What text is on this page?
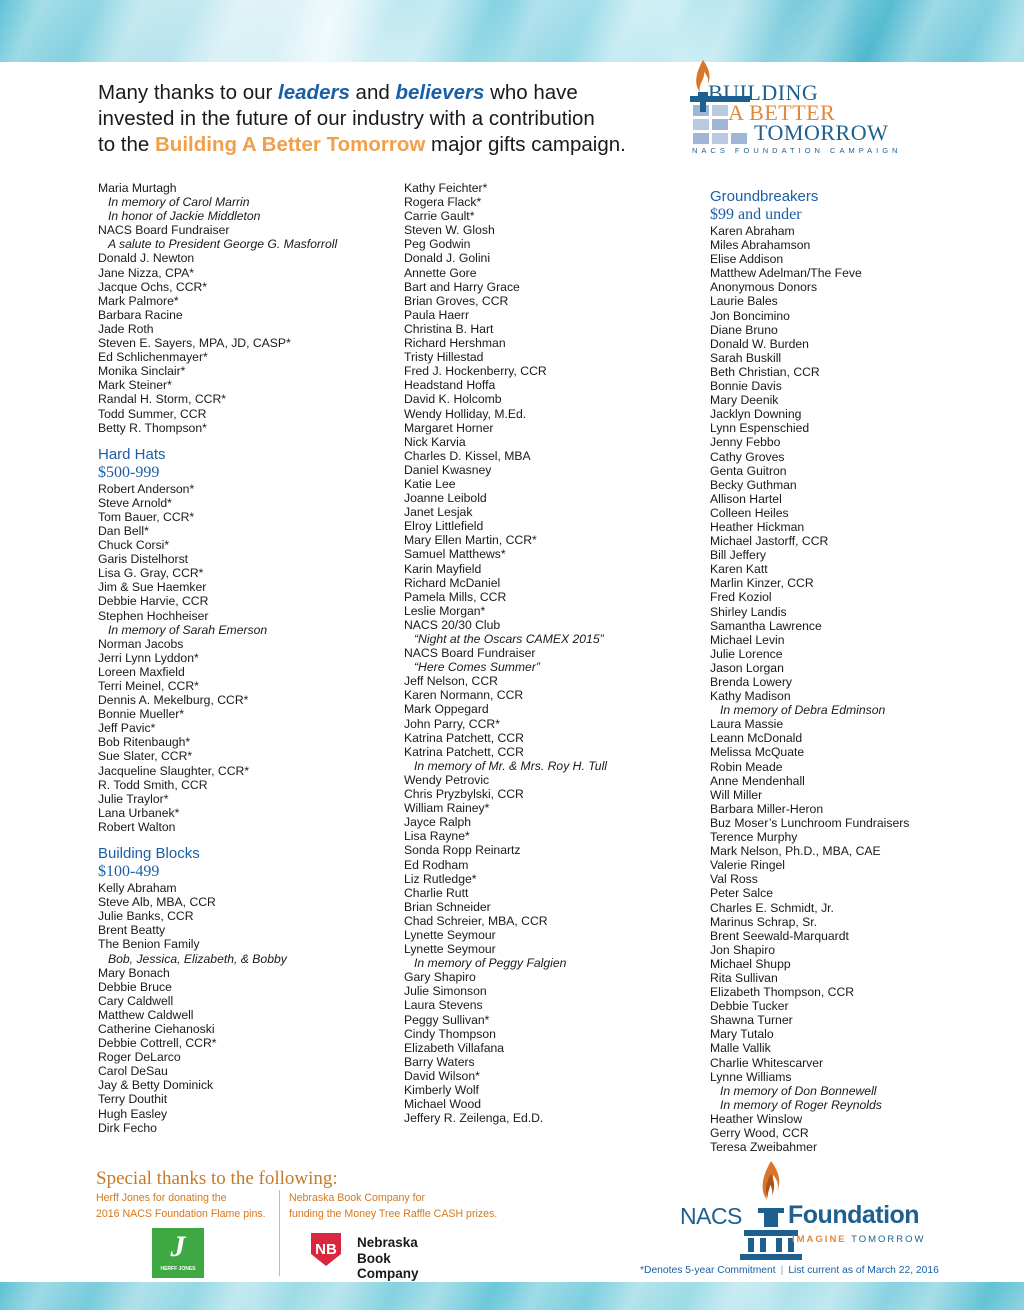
Many thanks to our leaders and believers who have
invested in the future of our industry with a contribution
to the Building A Better Tomorrow major gifts campaign.
BUILDING
A BETTER
TOMORROW
NACS FOUNDATION CAMPAIGN
Maria Murtagh
In memory of Carol Marrin
In honor of Jackie Middleton
NACS Board Fundraiser
A salute to President George G. Masforroll
Donald J. Newton
Jane Nizza, CPA*
Jacque Ochs, CCR*
Mark Palmore*
Barbara Racine
Jade Roth
Steven E. Sayers, MPA, JD, CASP*
Ed Schlichenmayer*
Monika Sinclair*
Mark Steiner*
Randal H. Storm, CCR*
Todd Summer, CCR
Betty R. Thompson*
Hard Hats
$500-999
Robert Anderson*
Steve Arnold*
Tom Bauer, CCR*
Dan Bell*
Chuck Corsi*
Garis Distelhorst
Lisa G. Gray, CCR*
Jim & Sue Haemker
Debbie Harvie, CCR
Stephen Hochheiser
In memory of Sarah Emerson
Norman Jacobs
Jerri Lynn Lyddon*
Loreen Maxfield
Terri Meinel, CCR*
Dennis A. Mekelburg, CCR*
Bonnie Mueller*
Jeff Pavic*
Bob Ritenbaugh*
Sue Slater, CCR*
Jacqueline Slaughter, CCR*
R. Todd Smith, CCR
Julie Traylor*
Lana Urbanek*
Robert Walton
Building Blocks
$100-499
Kelly Abraham
Steve Alb, MBA, CCR
Julie Banks, CCR
Brent Beatty
The Benion Family
Bob, Jessica, Elizabeth, & Bobby
Mary Bonach
Debbie Bruce
Cary Caldwell
Matthew Caldwell
Catherine Ciehanoski
Debbie Cottrell, CCR*
Roger DeLarco
Carol DeSau
Jay & Betty Dominick
Terry Douthit
Hugh Easley
Dirk Fecho
Kathy Feichter*
Rogera Flack*
Carrie Gault*
Steven W. Glosh
Peg Godwin
Donald J. Golini
Annette Gore
Bart and Harry Grace
Brian Groves, CCR
Paula Haerr
Christina B. Hart
Richard Hershman
Tristy Hillestad
Fred J. Hockenberry, CCR
Headstand Hoffa
David K. Holcomb
Wendy Holliday, M.Ed.
Margaret Horner
Nick Karvia
Charles D. Kissel, MBA
Daniel Kwasney
Katie Lee
Joanne Leibold
Janet Lesjak
Elroy Littlefield
Mary Ellen Martin, CCR*
Samuel Matthews*
Karin Mayfield
Richard McDaniel
Pamela Mills, CCR
Leslie Morgan*
NACS 20/30 Club
“Night at the Oscars CAMEX 2015”
NACS Board Fundraiser
“Here Comes Summer”
Jeff Nelson, CCR
Karen Normann, CCR
Mark Oppegard
John Parry, CCR*
Katrina Patchett, CCR
Katrina Patchett, CCR
In memory of Mr. & Mrs. Roy H. Tull
Wendy Petrovic
Chris Pryzbylski, CCR
William Rainey*
Jayce Ralph
Lisa Rayne*
Sonda Ropp Reinartz
Ed Rodham
Liz Rutledge*
Charlie Rutt
Brian Schneider
Chad Schreier, MBA, CCR
Lynette Seymour
Lynette Seymour
In memory of Peggy Falgien
Gary Shapiro
Julie Simonson
Laura Stevens
Peggy Sullivan*
Cindy Thompson
Elizabeth Villafana
Barry Waters
David Wilson*
Kimberly Wolf
Michael Wood
Jeffery R. Zeilenga, Ed.D.
Groundbreakers
$99 and under
Karen Abraham
Miles Abrahamson
Elise Addison
Matthew Adelman/The Feve
Anonymous Donors
Laurie Bales
Jon Boncimino
Diane Bruno
Donald W. Burden
Sarah Buskill
Beth Christian, CCR
Bonnie Davis
Mary Deenik
Jacklyn Downing
Lynn Espenschied
Jenny Febbo
Cathy Groves
Genta Guitron
Becky Guthman
Allison Hartel
Colleen Heiles
Heather Hickman
Michael Jastorff, CCR
Bill Jeffery
Karen Katt
Marlin Kinzer, CCR
Fred Koziol
Shirley Landis
Samantha Lawrence
Michael Levin
Julie Lorence
Jason Lorgan
Brenda Lowery
Kathy Madison
In memory of Debra Edminson
Laura Massie
Leann McDonald
Melissa McQuate
Robin Meade
Anne Mendenhall
Will Miller
Barbara Miller-Heron
Buz Moser’s Lunchroom Fundraisers
Terence Murphy
Mark Nelson, Ph.D., MBA, CAE
Valerie Ringel
Val Ross
Peter Salce
Charles E. Schmidt, Jr.
Marinus Schrap, Sr.
Brent Seewald-Marquardt
Jon Shapiro
Michael Shupp
Rita Sullivan
Elizabeth Thompson, CCR
Debbie Tucker
Shawna Turner
Mary Tutalo
Malle Vallik
Charlie Whitescarver
Lynne Williams
In memory of Don Bonnewell
In memory of Roger Reynolds
Heather Winslow
Gerry Wood, CCR
Teresa Zweibahmer
Special thanks to the following:
Herff Jones for donating the
2016 NACS Foundation Flame pins.
Nebraska Book Company for
funding the Money Tree Raffle CASH prizes.
J
HERFF JONES
NB Nebraska
Book Company
NACS Foundation
IMAGINE TOMORROW
*Denotes 5-year Commitment | List current as of March 22, 2016
